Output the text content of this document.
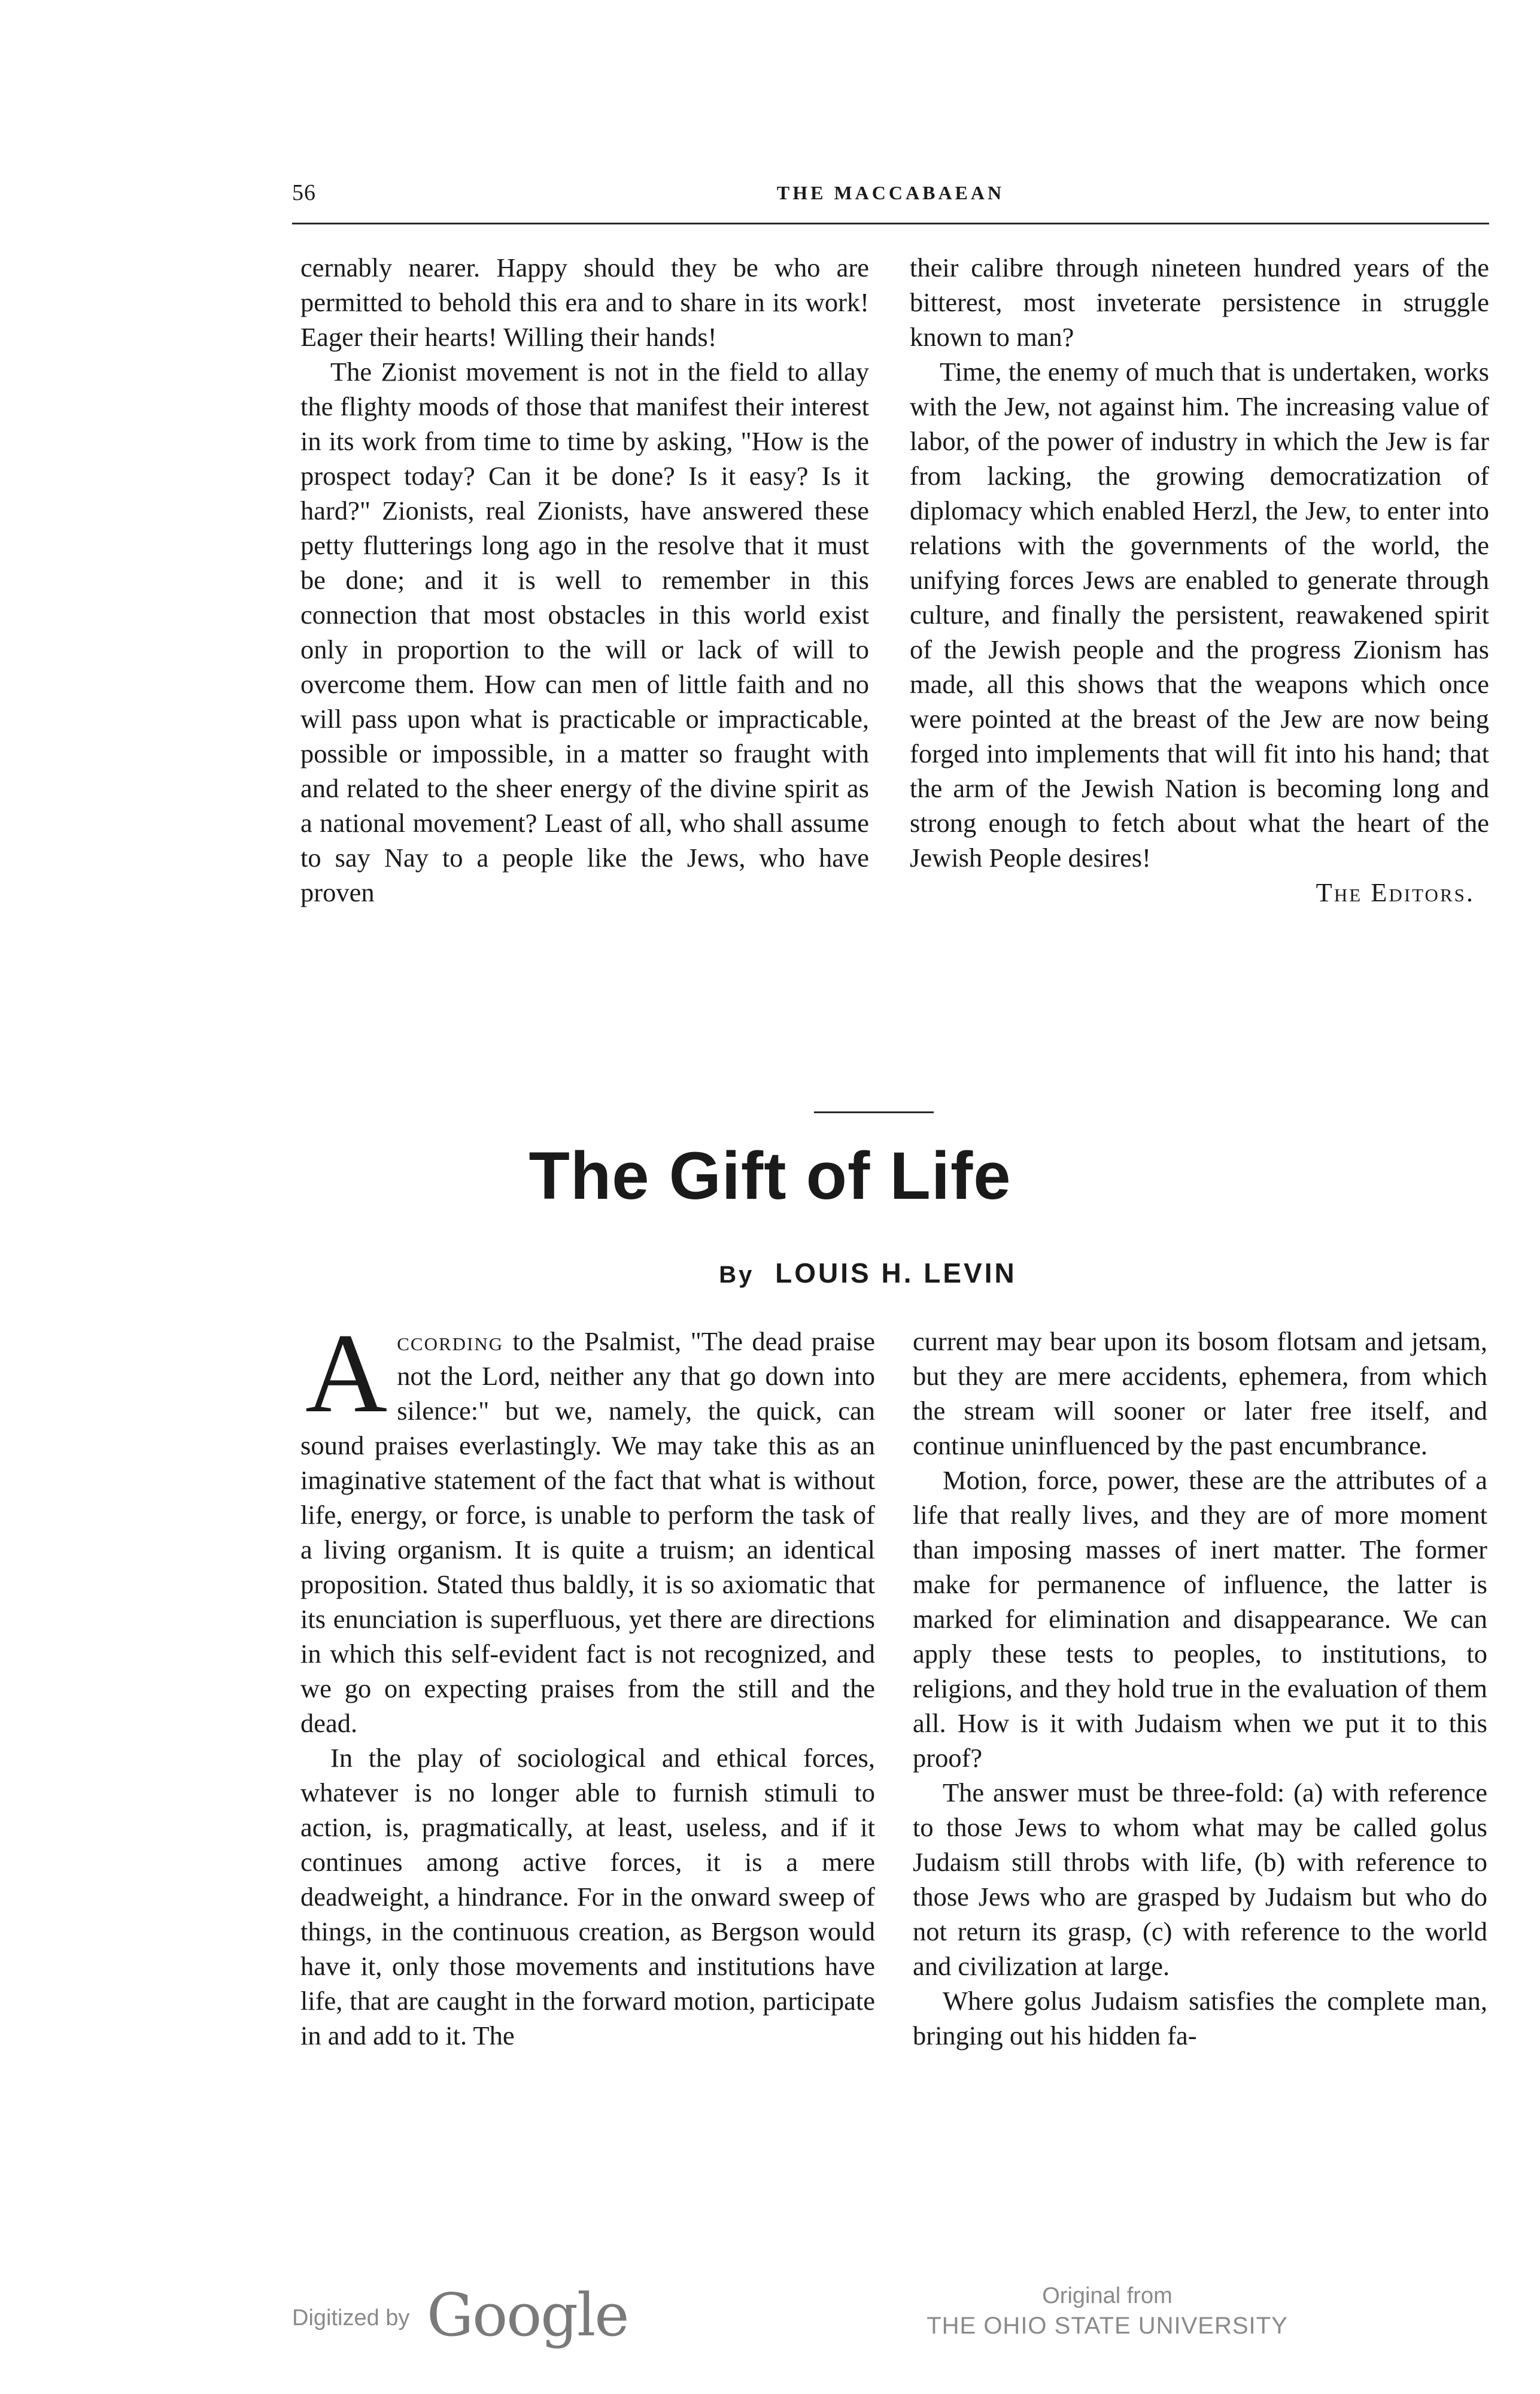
56	THE MACCABAEAN

cernably nearer. Happy should they be who are permitted to behold this era and to share in its work! Eager their hearts! Willing their hands!

The Zionist movement is not in the field to allay the flighty moods of those that manifest their interest in its work from time to time by asking, "How is the prospect today? Can it be done? Is it easy? Is it hard?" Zionists, real Zionists, have answered these petty flutterings long ago in the resolve that it must be done; and it is well to remember in this connection that most obstacles in this world exist only in proportion to the will or lack of will to overcome them. How can men of little faith and no will pass upon what is practicable or impracticable, possible or impossible, in a matter so fraught with and related to the sheer energy of the divine spirit as a national movement? Least of all, who shall assume to say Nay to a people like the Jews, who have proven

their calibre through nineteen hundred years of the bitterest, most inveterate persistence in struggle known to man?

Time, the enemy of much that is undertaken, works with the Jew, not against him. The increasing value of labor, of the power of industry in which the Jew is far from lacking, the growing democratization of diplomacy which enabled Herzl, the Jew, to enter into relations with the governments of the world, the unifying forces Jews are enabled to generate through culture, and finally the persistent, reawakened spirit of the Jewish people and the progress Zionism has made, all this shows that the weapons which once were pointed at the breast of the Jew are now being forged into implements that will fit into his hand; that the arm of the Jewish Nation is becoming long and strong enough to fetch about what the heart of the Jewish People desires!

The Editors.

The Gift of Life
By LOUIS H. LEVIN

According to the Psalmist, "The dead praise not the Lord, neither any that go down into silence:" but we, namely, the quick, can sound praises everlastingly. We may take this as an imaginative statement of the fact that what is without life, energy, or force, is unable to perform the task of a living organism. It is quite a truism; an identical proposition. Stated thus baldly, it is so axiomatic that its enunciation is superfluous, yet there are directions in which this self-evident fact is not recognized, and we go on expecting praises from the still and the dead.

In the play of sociological and ethical forces, whatever is no longer able to furnish stimuli to action, is, pragmatically, at least, useless, and if it continues among active forces, it is a mere deadweight, a hindrance. For in the onward sweep of things, in the continuous creation, as Bergson would have it, only those movements and institutions have life, that are caught in the forward motion, participate in and add to it. The

current may bear upon its bosom flotsam and jetsam, but they are mere accidents, ephemera, from which the stream will sooner or later free itself, and continue uninfluenced by the past encumbrance.

Motion, force, power, these are the attributes of a life that really lives, and they are of more moment than imposing masses of inert matter. The former make for permanence of influence, the latter is marked for elimination and disappearance. We can apply these tests to peoples, to institutions, to religions, and they hold true in the evaluation of them all. How is it with Judaism when we put it to this proof?

The answer must be three-fold: (a) with reference to those Jews to whom what may be called golus Judaism still throbs with life, (b) with reference to those Jews who are grasped by Judaism but who do not return its grasp, (c) with reference to the world and civilization at large.

Where golus Judaism satisfies the complete man, bringing out his hidden fa-

Digitized by Google	Original from
THE OHIO STATE UNIVERSITY
